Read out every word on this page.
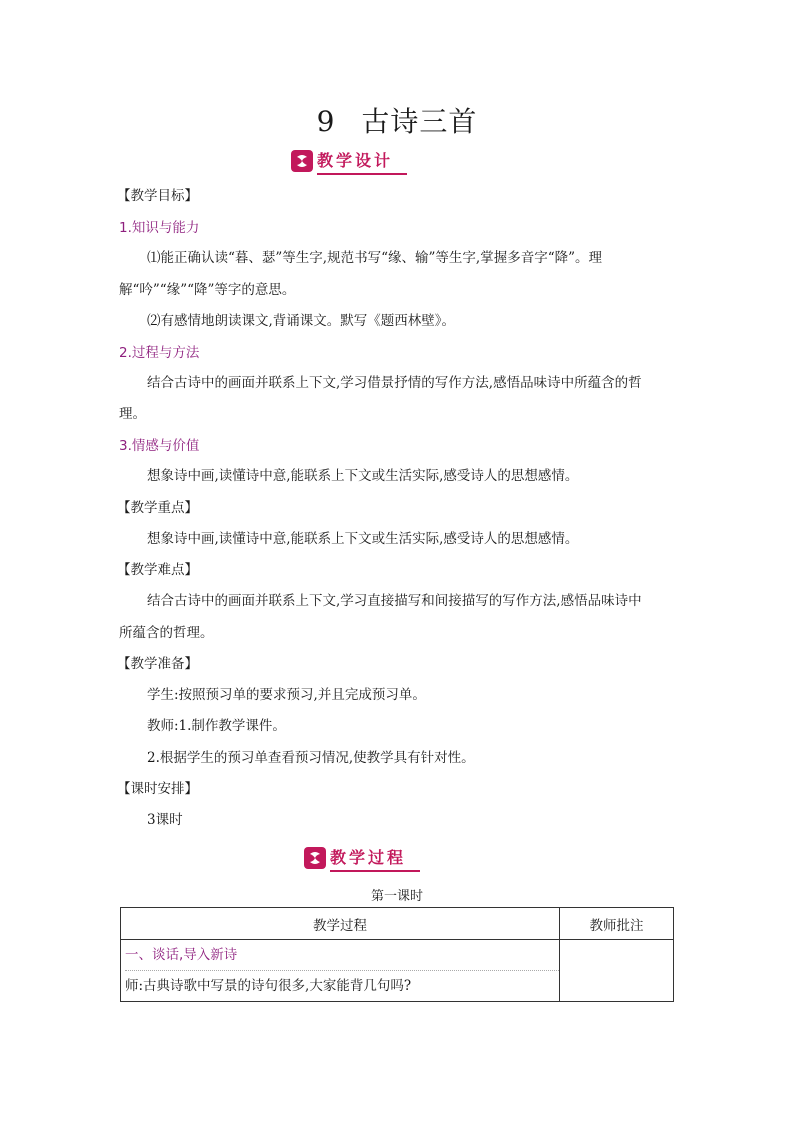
9 古诗三首
教学设计
【教学目标】
1.知识与能力
⑴能正确认读“暮、瑟”等生字,规范书写“缘、输”等生字,掌握多音字“降”。理
解“吟”“缘”“降”等字的意思。
⑵有感情地朗读课文,背诵课文。默写《题西林壁》。
2.过程与方法
结合古诗中的画面并联系上下文,学习借景抒情的写作方法,感悟品味诗中所蕴含的哲
理。
3.情感与价值
想象诗中画,读懂诗中意,能联系上下文或生活实际,感受诗人的思想感情。
【教学重点】
想象诗中画,读懂诗中意,能联系上下文或生活实际,感受诗人的思想感情。
【教学难点】
结合古诗中的画面并联系上下文,学习直接描写和间接描写的写作方法,感悟品味诗中
所蕴含的哲理。
【教学准备】
学生:按照预习单的要求预习,并且完成预习单。
教师:1.制作教学课件。
2.根据学生的预习单查看预习情况,使教学具有针对性。
【课时安排】
3课时
教学过程
第一课时
教学过程	教师批注

一、谈话,导入新诗
师:古典诗歌中写景的诗句很多,大家能背几句吗?	
